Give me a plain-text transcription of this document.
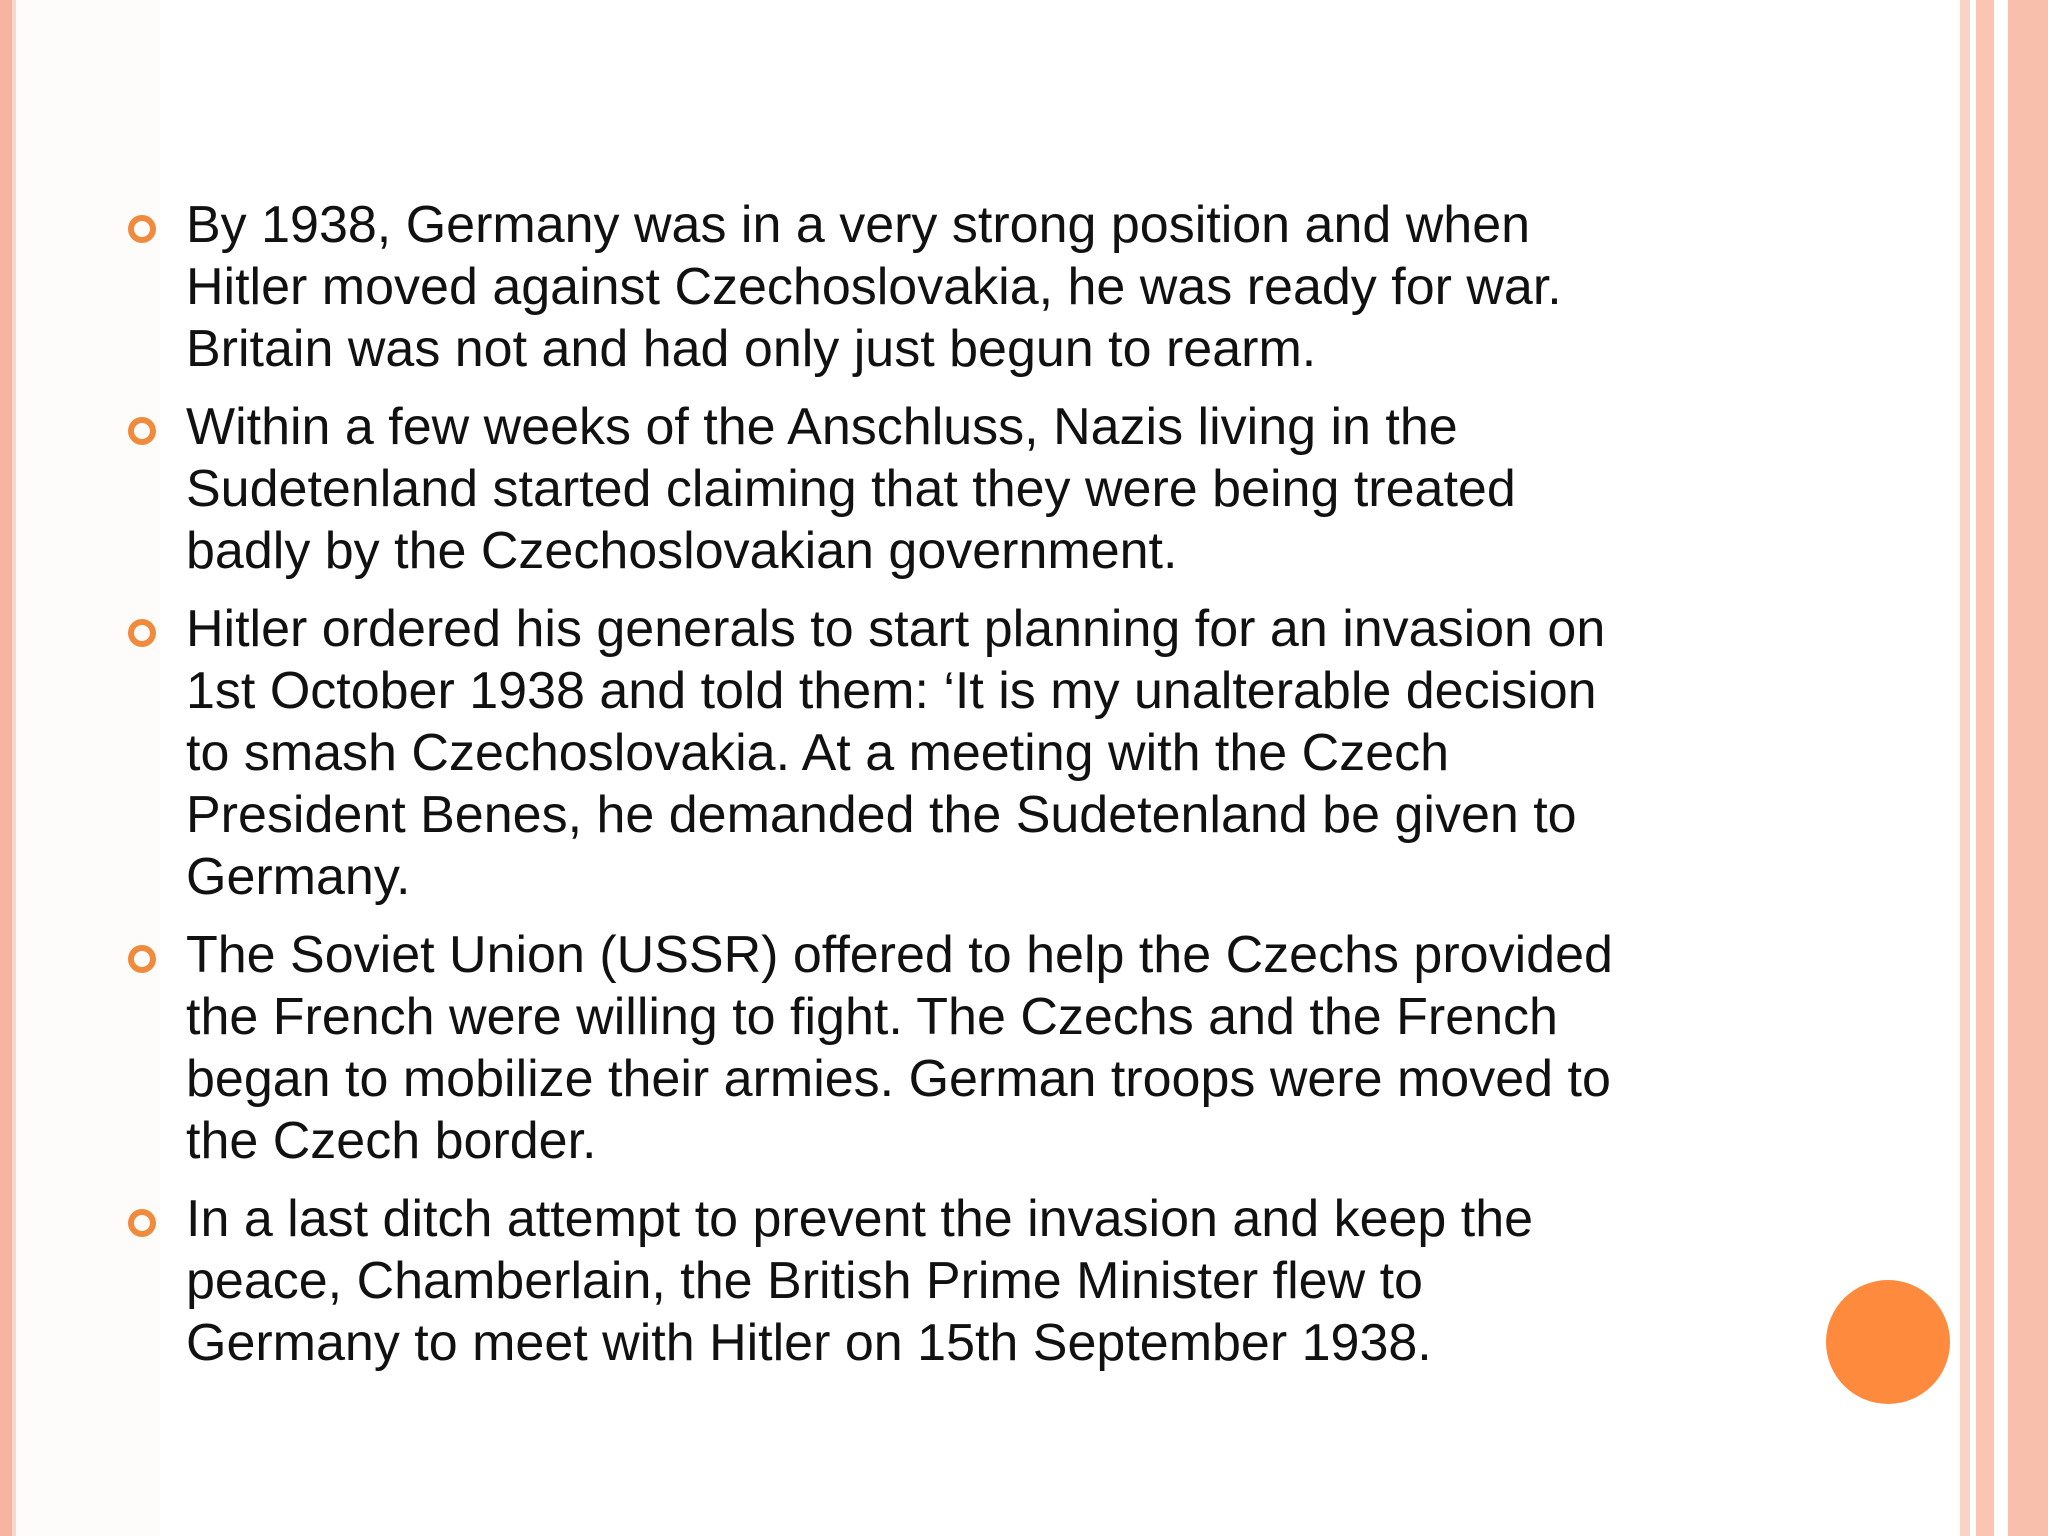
By 1938, Germany was in a very strong position and when
Hitler moved against Czechoslovakia, he was ready for war.
Britain was not and had only just begun to rearm.
Within a few weeks of the Anschluss, Nazis living in the
Sudetenland started claiming that they were being treated
badly by the Czechoslovakian government.
Hitler ordered his generals to start planning for an invasion on
1st October 1938 and told them: ‘It is my unalterable decision
to smash Czechoslovakia. At a meeting with the Czech
President Benes, he demanded the Sudetenland be given to
Germany.
The Soviet Union (USSR) offered to help the Czechs provided
the French were willing to fight. The Czechs and the French
began to mobilize their armies. German troops were moved to
the Czech border.
In a last ditch attempt to prevent the invasion and keep the
peace, Chamberlain, the British Prime Minister flew to
Germany to meet with Hitler on 15th September 1938.
